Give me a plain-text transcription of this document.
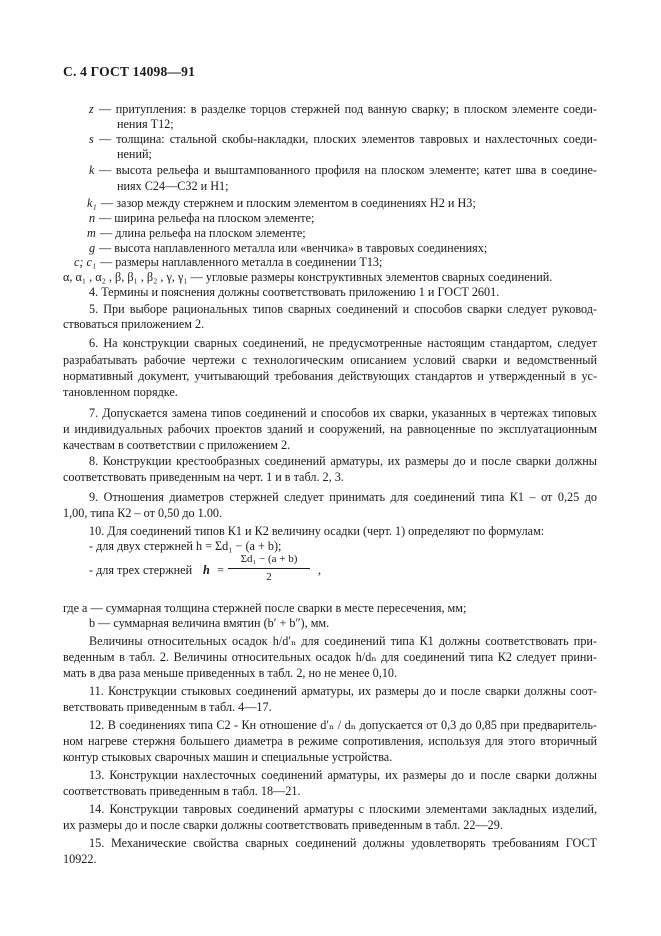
С. 4 ГОСТ 14098—91
z — притупления: в разделке торцов стержней под ванную сварку; в плоском элементе соеди-
нения Т12;
s — толщина: стальной скобы-накладки, плоских элементов тавровых и нахлесточных соеди-
нений;
k — высота рельефа и выштампованного профиля на плоском элементе; катет шва в соедине-
ниях С24—С32 и Н1;
k₁ — зазор между стержнем и плоским элементом в соединениях Н2 и Н3;
n — ширина рельефа на плоском элементе;
m — длина рельефа на плоском элементе;
g — высота наплавленного металла или «венчика» в тавровых соединениях;
c; c₁ — размеры наплавленного металла в соединении Т13;
α, α₁ , α₂ , β, β₁ , β₂ , γ, γ₁ — угловые размеры конструктивных элементов сварных соединений.
4. Термины и пояснения должны соответствовать приложению 1 и ГОСТ 2601.
5. При выборе рациональных типов сварных соединений и способов сварки следует руковод-
ствоваться приложением 2.
6. На конструкции сварных соединений, не предусмотренные настоящим стандартом, следует
разрабатывать рабочие чертежи с технологическим описанием условий сварки и ведомственный
нормативный документ, учитывающий требования действующих стандартов и утвержденный в ус-
тановленном порядке.
7. Допускается замена типов соединений и способов их сварки, указанных в чертежах типовых
и индивидуальных рабочих проектов зданий и сооружений, на равноценные по эксплуатационным
качествам в соответствии с приложением 2.
8. Конструкции крестообразных соединений арматуры, их размеры до и после сварки должны
соответствовать приведенным на черт. 1 и в табл. 2, 3.
9. Отношения диаметров стержней следует принимать для соединений типа К1 – от 0,25 до
1,00, типа К2 – от 0,50 до 1.00.
10. Для соединений типов К1 и К2 величину осадки (черт. 1) определяют по формулам:
- для двух стержней h = Σd₁ − (a + b);
- для трех стержней h =	,
$\frac{\text{Σd₁ − (a + b)}}{2}$
где a — суммарная толщина стержней после сварки в месте пересечения, мм;
b — суммарная величина вмятин (b′ + b″), мм.
Величины относительных осадок h/d′ₙ для соединений типа К1 должны соответствовать при-
веденным в табл. 2. Величины относительных осадок h/dₙ для соединений типа К2 следует прини-
мать в два раза меньше приведенных в табл. 2, но не менее 0,10.
11. Конструкции стыковых соединений арматуры, их размеры до и после сварки должны соот-
ветствовать приведенным в табл. 4—17.
12. В соединениях типа С2 - Кн отношение d′ₙ / dₙ допускается от 0,3 до 0,85 при предваритель-
ном нагреве стержня большего диаметра в режиме сопротивления, используя для этого вторичный
контур стыковых сварочных машин и специальные устройства.
13. Конструкции нахлесточных соединений арматуры, их размеры до и после сварки должны
соответствовать приведенным в табл. 18—21.
14. Конструкции тавровых соединений арматуры с плоскими элементами закладных изделий,
их размеры до и после сварки должны соответствовать приведенным в табл. 22—29.
15. Механические свойства сварных соединений должны удовлетворять требованиям ГОСТ
10922.
